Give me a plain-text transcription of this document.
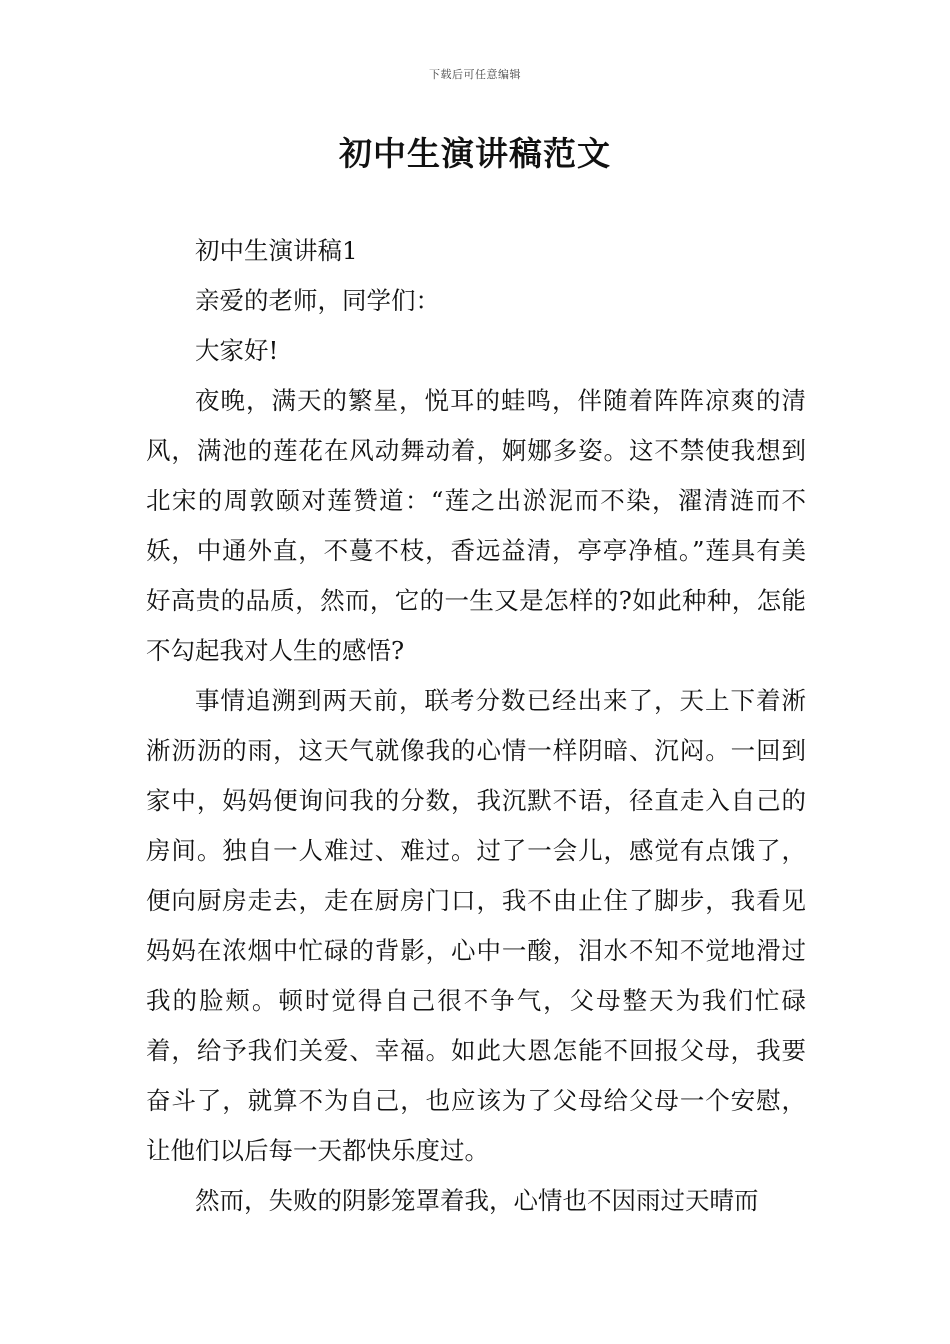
下载后可任意编辑
初中生演讲稿范文

初中生演讲稿1

亲爱的老师，同学们：

大家好!

夜晚，满天的繁星，悦耳的蛙鸣，伴随着阵阵凉爽的清风，满池的莲花在风动舞动着，婀娜多姿。这不禁使我想到北宋的周敦颐对莲赞道：“莲之出淤泥而不染，濯清涟而不妖，中通外直，不蔓不枝，香远益清，亭亭净植。”莲具有美好高贵的品质，然而，它的一生又是怎样的?如此种种，怎能不勾起我对人生的感悟?

事情追溯到两天前，联考分数已经出来了，天上下着淅淅沥沥的雨，这天气就像我的心情一样阴暗、沉闷。一回到家中，妈妈便询问我的分数，我沉默不语，径直走入自己的房间。独自一人难过、难过。过了一会儿，感觉有点饿了，便向厨房走去，走在厨房门口，我不由止住了脚步，我看见妈妈在浓烟中忙碌的背影，心中一酸，泪水不知不觉地滑过我的脸颊。顿时觉得自己很不争气，父母整天为我们忙碌着，给予我们关爱、幸福。如此大恩怎能不回报父母，我要奋斗了，就算不为自己，也应该为了父母给父母一个安慰，让他们以后每一天都快乐度过。

然而，失败的阴影笼罩着我，心情也不因雨过天晴而
